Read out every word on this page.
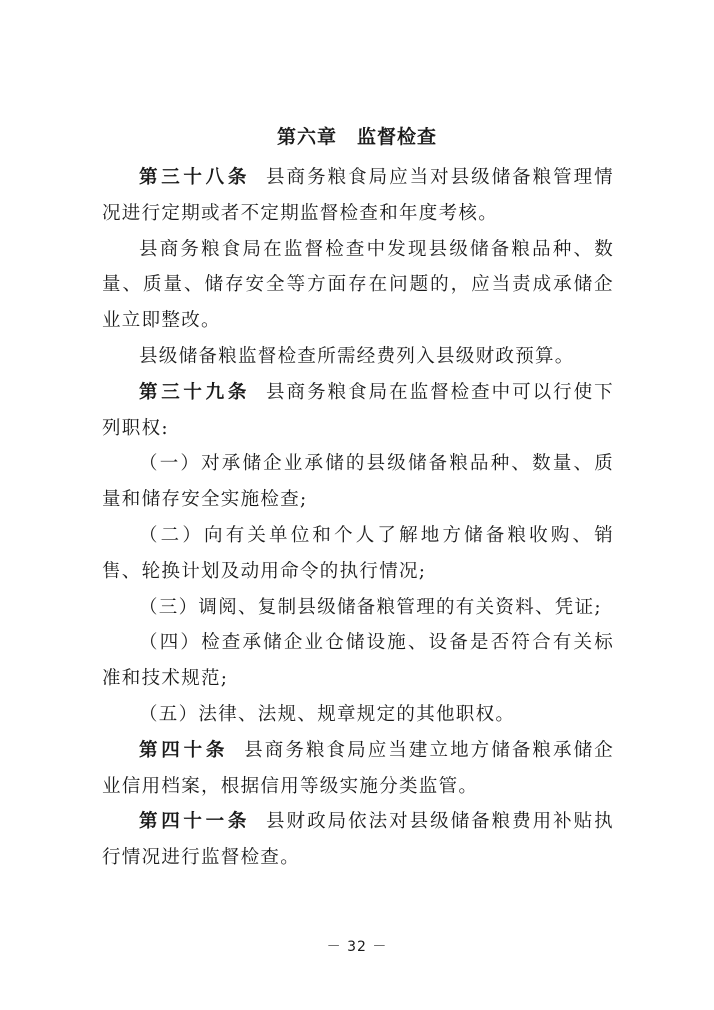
第六章　监督检查

第三十八条 县商务粮食局应当对县级储备粮管理情况进行定期或者不定期监督检查和年度考核。

县商务粮食局在监督检查中发现县级储备粮品种、数量、质量、储存安全等方面存在问题的，应当责成承储企业立即整改。

县级储备粮监督检查所需经费列入县级财政预算。

第三十九条 县商务粮食局在监督检查中可以行使下列职权:

（一）对承储企业承储的县级储备粮品种、数量、质量和储存安全实施检查;

（二）向有关单位和个人了解地方储备粮收购、销售、轮换计划及动用命令的执行情况;

（三）调阅、复制县级储备粮管理的有关资料、凭证;

（四）检查承储企业仓储设施、设备是否符合有关标准和技术规范;

（五）法律、法规、规章规定的其他职权。

第四十条 县商务粮食局应当建立地方储备粮承储企业信用档案，根据信用等级实施分类监管。

第四十一条 县财政局依法对县级储备粮费用补贴执行情况进行监督检查。

－ 32 －
